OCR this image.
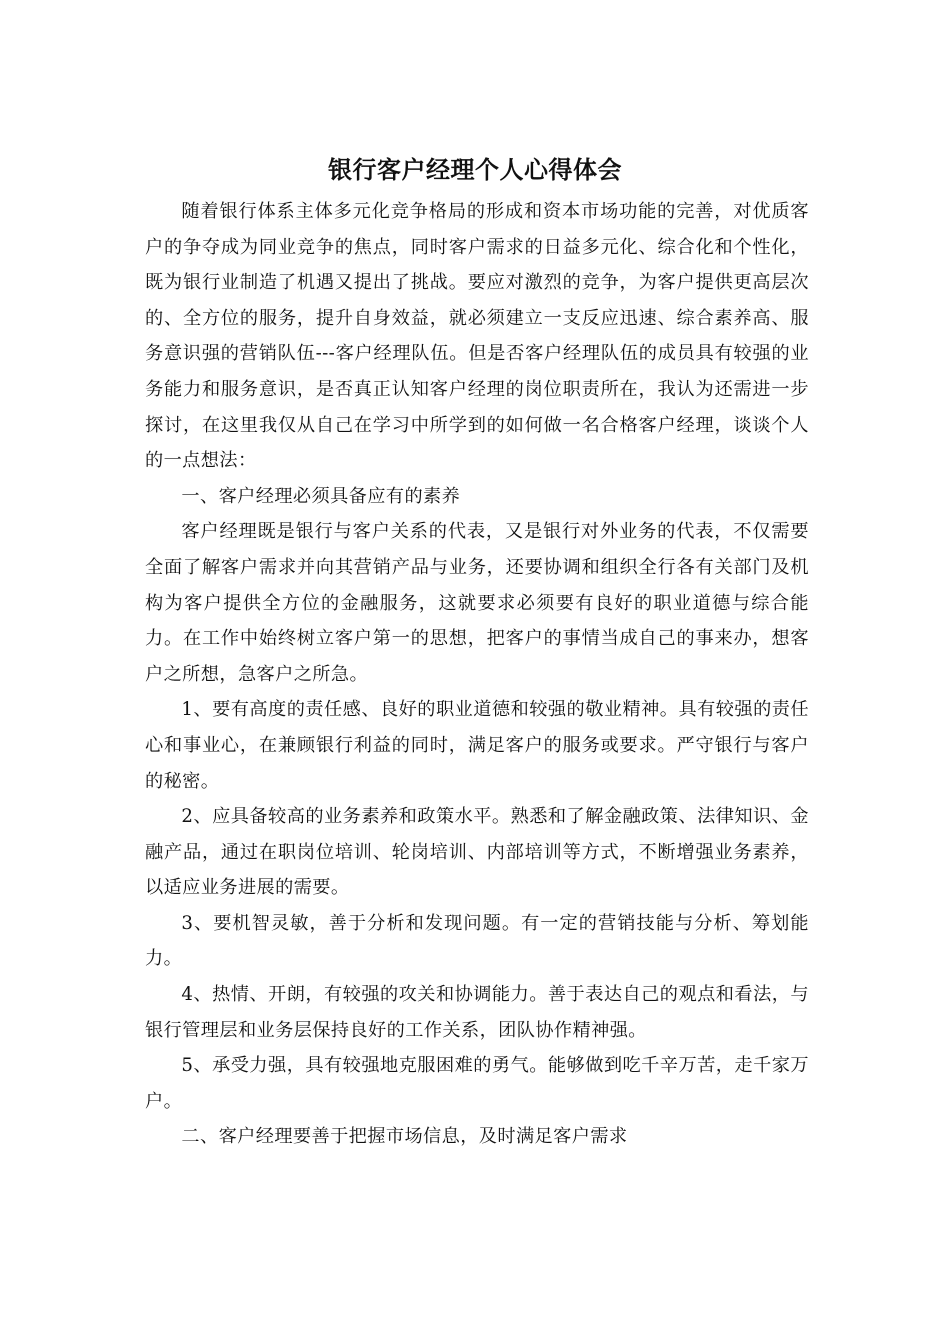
银行客户经理个人心得体会

随着银行体系主体多元化竞争格局的形成和资本市场功能的完善，对优质客户的争夺成为同业竞争的焦点，同时客户需求的日益多元化、综合化和个性化，既为银行业制造了机遇又提出了挑战。要应对激烈的竞争，为客户提供更高层次的、全方位的服务，提升自身效益，就必须建立一支反应迅速、综合素养高、服务意识强的营销队伍---客户经理队伍。但是否客户经理队伍的成员具有较强的业务能力和服务意识，是否真正认知客户经理的岗位职责所在，我认为还需进一步探讨，在这里我仅从自己在学习中所学到的如何做一名合格客户经理，谈谈个人的一点想法：

一、客户经理必须具备应有的素养

客户经理既是银行与客户关系的代表，又是银行对外业务的代表，不仅需要全面了解客户需求并向其营销产品与业务，还要协调和组织全行各有关部门及机构为客户提供全方位的金融服务，这就要求必须要有良好的职业道德与综合能力。在工作中始终树立客户第一的思想，把客户的事情当成自己的事来办，想客户之所想，急客户之所急。

1、要有高度的责任感、良好的职业道德和较强的敬业精神。具有较强的责任心和事业心，在兼顾银行利益的同时，满足客户的服务或要求。严守银行与客户的秘密。

2、应具备较高的业务素养和政策水平。熟悉和了解金融政策、法律知识、金融产品，通过在职岗位培训、轮岗培训、内部培训等方式，不断增强业务素养，以适应业务进展的需要。

3、要机智灵敏，善于分析和发现问题。有一定的营销技能与分析、筹划能力。

4、热情、开朗，有较强的攻关和协调能力。善于表达自己的观点和看法，与银行管理层和业务层保持良好的工作关系，团队协作精神强。

5、承受力强，具有较强地克服困难的勇气。能够做到吃千辛万苦，走千家万户。

二、客户经理要善于把握市场信息，及时满足客户需求
